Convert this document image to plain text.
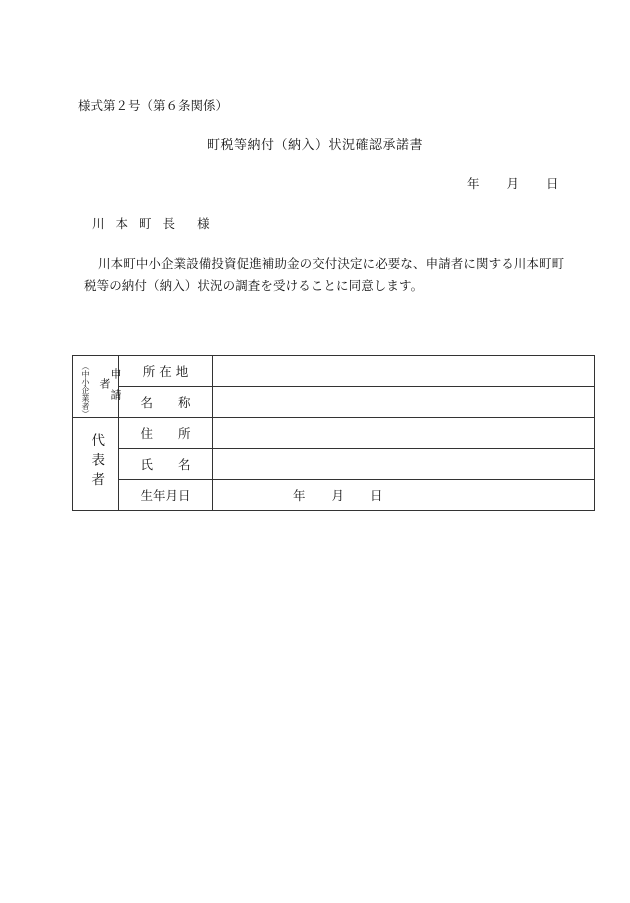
様式第２号（第６条関係）
町税等納付（納入）状況確認承諾書
年 月 日
川 本 町 長 様
川本町中小企業設備投資促進補助金の交付決定に必要な、申請者に関する川本町町税等の納付（納入）状況の調査を受けることに同意します。
（中小企業者） 申請者	所 在 地	
	名　　称	
代表者	住　　所	
	氏　　名	
	生年月日	年 月 日
